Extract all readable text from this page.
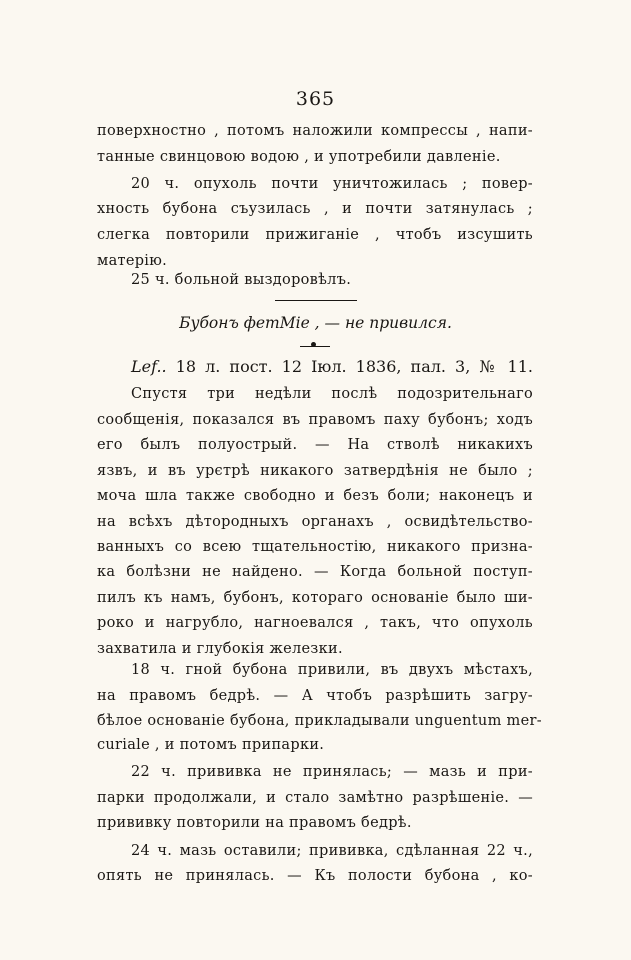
365
поверхностно , потомъ наложили компрессы , напи-
танные свинцовою водою , и употребили давленіе.
20 ч. опухоль почти уничтожилась ; повер-
хность бубона съузилась , и почти затянулась ;
слегка повторили прижиганіе , чтобъ изсушить
матерію.
25 ч. больной выздоровѣлъ.
Бубонъ фетМіе , — не привился.
Lef.. 18 л. пост. 12 Іюл. 1836, пал. 3, № 11.
Спустя три недѣли послѣ подозрительнаго
сообщенія, показался въ правомъ паху бубонъ; ходъ
его былъ полуострый. — На стволѣ никакихъ
язвъ, и въ урєтрѣ никакого затвердѣнія не было ;
моча шла также свободно и безъ боли; наконецъ и
на всѣхъ дѣтородныхъ органахъ , освидѣтельство-
ванныхъ со всею тщательностію, никакого призна-
ка болѣзни не найдено. — Когда больной поступ-
пилъ къ намъ, бубонъ, котораго основаніе было ши-
роко и нагрубло, нагноевался , такъ, что опухоль
захватила и глубокія железки.
18 ч. гной бубона привили, въ двухъ мѣстахъ,
на правомъ бедрѣ. — А чтобъ разрѣшить загру-
бѣлое основаніе бубона, прикладывали unguentum mer-
curiale , и потомъ припарки.
22 ч. прививка не принялась; — мазь и при-
парки продолжали, и стало замѣтно разрѣшеніе. —
прививку повторили на правомъ бедрѣ.
24 ч. мазь оставили; прививка, сдѣланная 22 ч.,
опять не принялась. — Къ полости бубона , ко-
